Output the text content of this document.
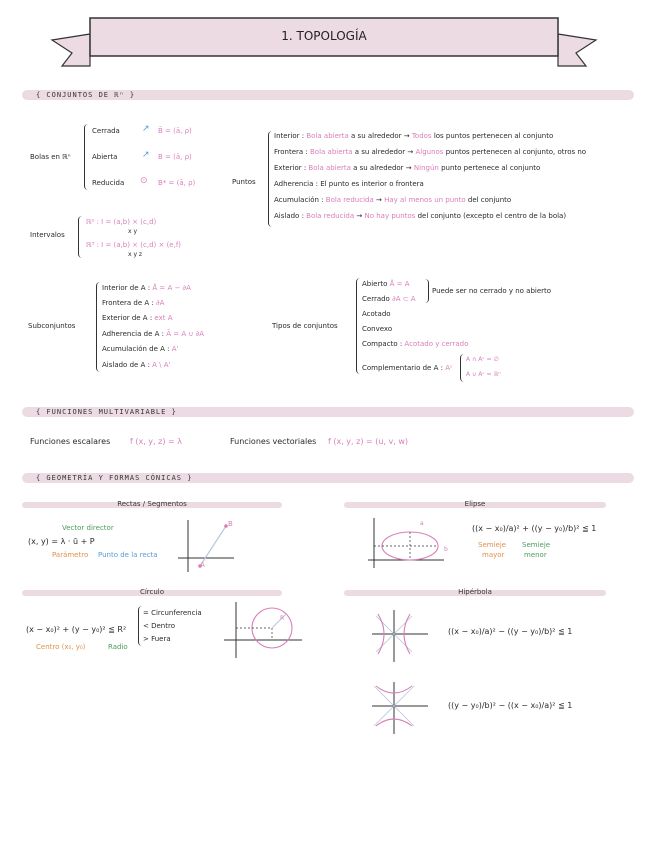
1. TOPOLOGÍA
{ CONJUNTOS DE ℝⁿ }
Bolas en ℝⁿ
Cerrada ↗ B̄ = (ā, ρ)
Abierta	↗ B = (ā, ρ)
Reducida ⊙ B* = (ā, ρ)
Intervalos
ℝ² : I = (a,b) × (c,d)
x y
ℝ³ : I = (a,b) × (c,d) × (e,f)
x y z
Puntos
Interior : Bola abierta a su alrededor → Todos los puntos pertenecen al conjunto
Frontera : Bola abierta a su alrededor → Algunos puntos pertenecen al conjunto, otros no
Exterior : Bola abierta a su alrededor → Ningún punto pertenece al conjunto
Adherencia : El punto es interior o frontera
Acumulación : Bola reducida → Hay al menos un punto del conjunto
Aislado : Bola reducida → No hay puntos del conjunto (excepto el centro de la bola)
Subconjuntos
Interior de A : Å = A − ∂A
Frontera de A : ∂A
Exterior de A : ext A
Adherencia de A : Ā = A ∪ ∂A
Acumulación de A : A'
Aislado de A : A \ A'
Tipos de conjuntos
Abierto Å = A
Cerrado ∂A ⊂ A
Puede ser no cerrado y no abierto
Acotado
Convexo
Compacto : Acotado y cerrado
Complementario de A : Aᶜ
A ∩ Aᶜ = ∅
A ∪ Aᶜ = ℝⁿ
{ FUNCIONES MULTIVARIABLE }
Funciones escalares f (x, y, z) = λ	Funciones vectoriales f (x, y, z) = (u, v, w)
{ GEOMETRÍA Y FORMAS CÓNICAS }
Rectas / Segmentos
Vector director
(x, y) = λ · ū + P
Parámetro Punto de la recta
A
B
Elipse
a
b
((x − x₀)/a)² + ((y − y₀)/b)² ≦ 1
Semieje
mayor
Semieje
menor
Círculo
(x − x₀)² + (y − y₀)² ≦ R²
Centro (x₀, y₀)	Radio
= Circunferencia
< Dentro
> Fuera
R
Hipérbola
((x − x₀)/a)² − ((y − y₀)/b)² ≦ 1
((y − y₀)/b)² − ((x − x₀)/a)² ≦ 1
